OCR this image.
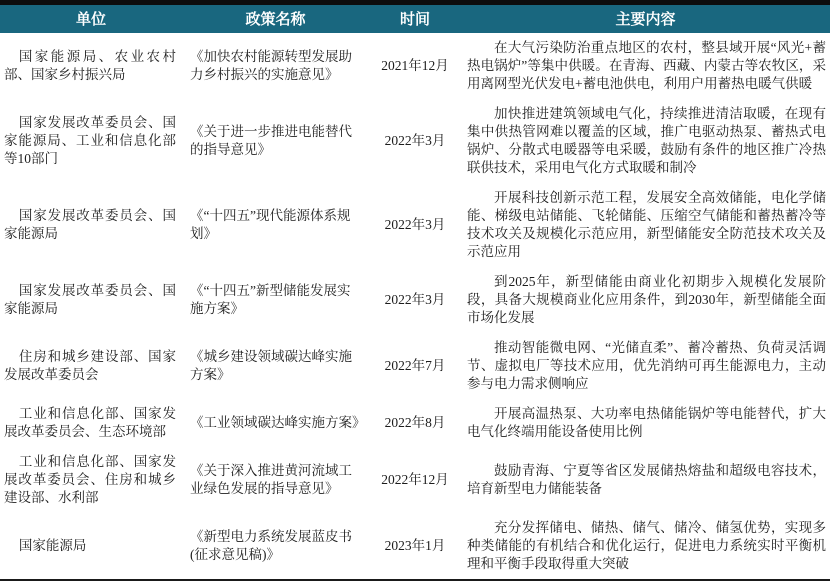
单位	政策名称	时间	主要内容
国家能源局、农业农村部、国家乡村振兴局	《加快农村能源转型发展助力乡村振兴的实施意见》	2021年12月	在大气污染防治重点地区的农村，整县域开展“风光+蓄热电锅炉”等集中供暖。在青海、西藏、内蒙古等农牧区，采用离网型光伏发电+蓄电池供电，利用户用蓄热电暖气供暖
国家发展改革委员会、国家能源局、工业和信息化部等10部门	《关于进一步推进电能替代的指导意见》	2022年3月	加快推进建筑领域电气化，持续推进清洁取暖，在现有集中供热管网难以覆盖的区域，推广电驱动热泵、蓄热式电锅炉、分散式电暖器等电采暖，鼓励有条件的地区推广冷热联供技术，采用电气化方式取暖和制冷
国家发展改革委员会、国家能源局	《“十四五”现代能源体系规划》	2022年3月	开展科技创新示范工程，发展安全高效储能，电化学储能、梯级电站储能、飞轮储能、压缩空气储能和蓄热蓄冷等技术攻关及规模化示范应用，新型储能安全防范技术攻关及示范应用
国家发展改革委员会、国家能源局	《“十四五”新型储能发展实施方案》	2022年3月	到2025年，新型储能由商业化初期步入规模化发展阶段，具备大规模商业化应用条件，到2030年，新型储能全面市场化发展
住房和城乡建设部、国家发展改革委员会	《城乡建设领域碳达峰实施方案》	2022年7月	推动智能微电网、“光储直柔”、蓄冷蓄热、负荷灵活调节、虚拟电厂等技术应用，优先消纳可再生能源电力，主动参与电力需求侧响应
工业和信息化部、国家发展改革委员会、生态环境部	《工业领域碳达峰实施方案》	2022年8月	开展高温热泵、大功率电热储能锅炉等电能替代，扩大电气化终端用能设备使用比例
工业和信息化部、国家发展改革委员会、住房和城乡建设部、水利部	《关于深入推进黄河流域工业绿色发展的指导意见》	2022年12月	鼓励青海、宁夏等省区发展储热熔盐和超级电容技术，培育新型电力储能装备
国家能源局	《新型电力系统发展蓝皮书(征求意见稿)》	2023年1月	充分发挥储电、储热、储气、储冷、储氢优势，实现多种类储能的有机结合和优化运行，促进电力系统实时平衡机理和平衡手段取得重大突破
